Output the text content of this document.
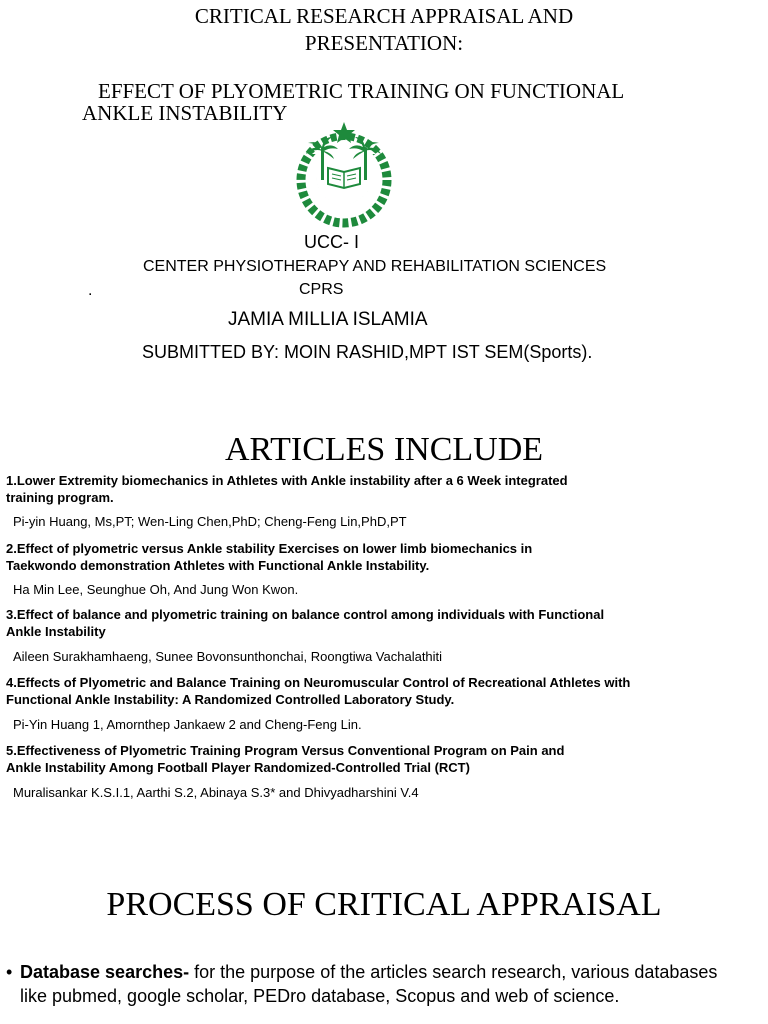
CRITICAL RESEARCH APPRAISAL AND
PRESENTATION:
EFFECT OF PLYOMETRIC TRAINING ON FUNCTIONAL
ANKLE INSTABILITY
UCC- I
CENTER PHYSIOTHERAPY AND REHABILITATION SCIENCES
.	CPRS
JAMIA MILLIA ISLAMIA
SUBMITTED BY: MOIN RASHID,MPT IST SEM(Sports).
ARTICLES INCLUDE
1.Lower Extremity biomechanics in Athletes with Ankle instability after a 6 Week integrated
training program.
Pi-yin Huang, Ms,PT; Wen-Ling Chen,PhD; Cheng-Feng Lin,PhD,PT
2.Effect of plyometric versus Ankle stability Exercises on lower limb biomechanics in
Taekwondo demonstration Athletes with Functional Ankle Instability.
Ha Min Lee, Seunghue Oh, And Jung Won Kwon.
3.Effect of balance and plyometric training on balance control among individuals with Functional
Ankle Instability
Aileen Surakhamhaeng, Sunee Bovonsunthonchai, Roongtiwa Vachalathiti
4.Effects of Plyometric and Balance Training on Neuromuscular Control of Recreational Athletes with
Functional Ankle Instability: A Randomized Controlled Laboratory Study.
Pi-Yin Huang 1, Amornthep Jankaew 2 and Cheng-Feng Lin.
5.Effectiveness of Plyometric Training Program Versus Conventional Program on Pain and
Ankle Instability Among Football Player Randomized-Controlled Trial (RCT)
Muralisankar K.S.I.1, Aarthi S.2, Abinaya S.3* and Dhivyadharshini V.4
PROCESS OF CRITICAL APPRAISAL
• Database searches- for the purpose of the articles search research, various databases like pubmed, google scholar, PEDro database, Scopus and web of science.
